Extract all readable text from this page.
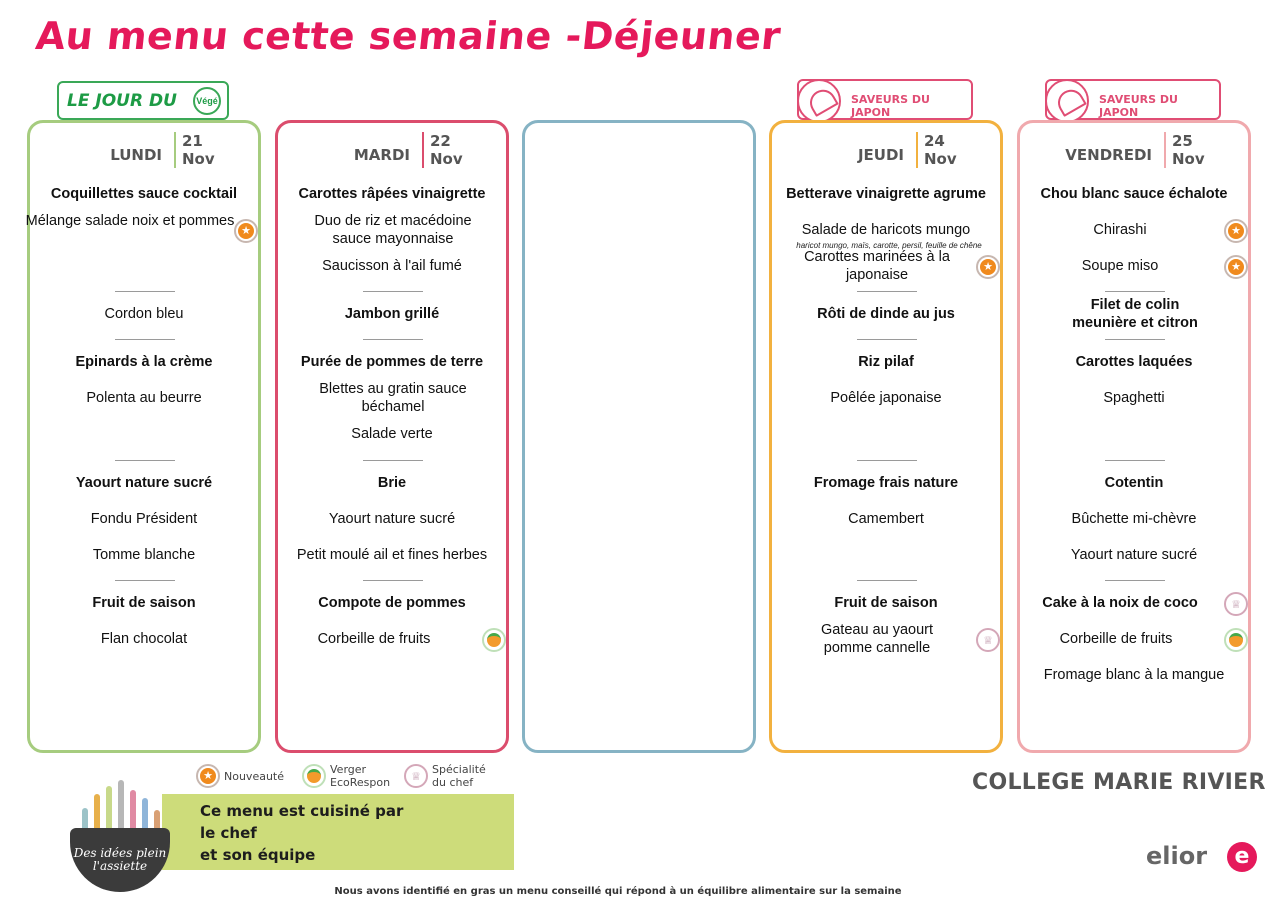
Au menu cette semaine -Déjeuner
LE JOUR DU	Végé	SAVEURS DU JAPON
SAVEURS DU JAPON
LUNDI
21
Nov
Coquillettes sauce cocktail
Mélange salade noix et pommes
★
Cordon bleu
Epinards à la crème
Polenta au beurre
Yaourt nature sucré
Fondu Président
Tomme blanche
Fruit de saison
Flan chocolat
MARDI
22
Nov
Carottes râpées vinaigrette
Duo de riz et macédoine sauce mayonnaise
Saucisson à l'ail fumé
Jambon grillé
Purée de pommes de terre
Blettes au gratin sauce béchamel
Salade verte
Brie
Yaourt nature sucré
Petit moulé ail et fines herbes
Compote de pommes
Corbeille de fruits
JEUDI
24
Nov
Betterave vinaigrette agrume
Salade de haricots mungo
haricot mungo, maïs, carotte, persil, feuille de chêne
Carottes marinées à la japonaise	★
Rôti de dinde au jus
Riz pilaf
Poêlée japonaise
Fromage frais nature
Camembert
Fruit de saison
Gateau au yaourt pomme cannelle	♕
VENDREDI
25
Nov
Chou blanc sauce échalote
Chirashi	★
Soupe miso	★
Filet de colin meunière et citron
Carottes laquées
Spaghetti
Cotentin
Bûchette mi-chèvre
Yaourt nature sucré
Cake à la noix de coco	♕
Corbeille de fruits
Fromage blanc à la mangue
★ Nouveauté	Verger
EcoRespon	♕
Spécialité
du chef	COLLEGE MARIE RIVIER
Ce menu est cuisiné par
le chef
et son équipe
Des idées plein l'assiette	elior	e
Nous avons identifié en gras un menu conseillé qui répond à un équilibre alimentaire sur la semaine
